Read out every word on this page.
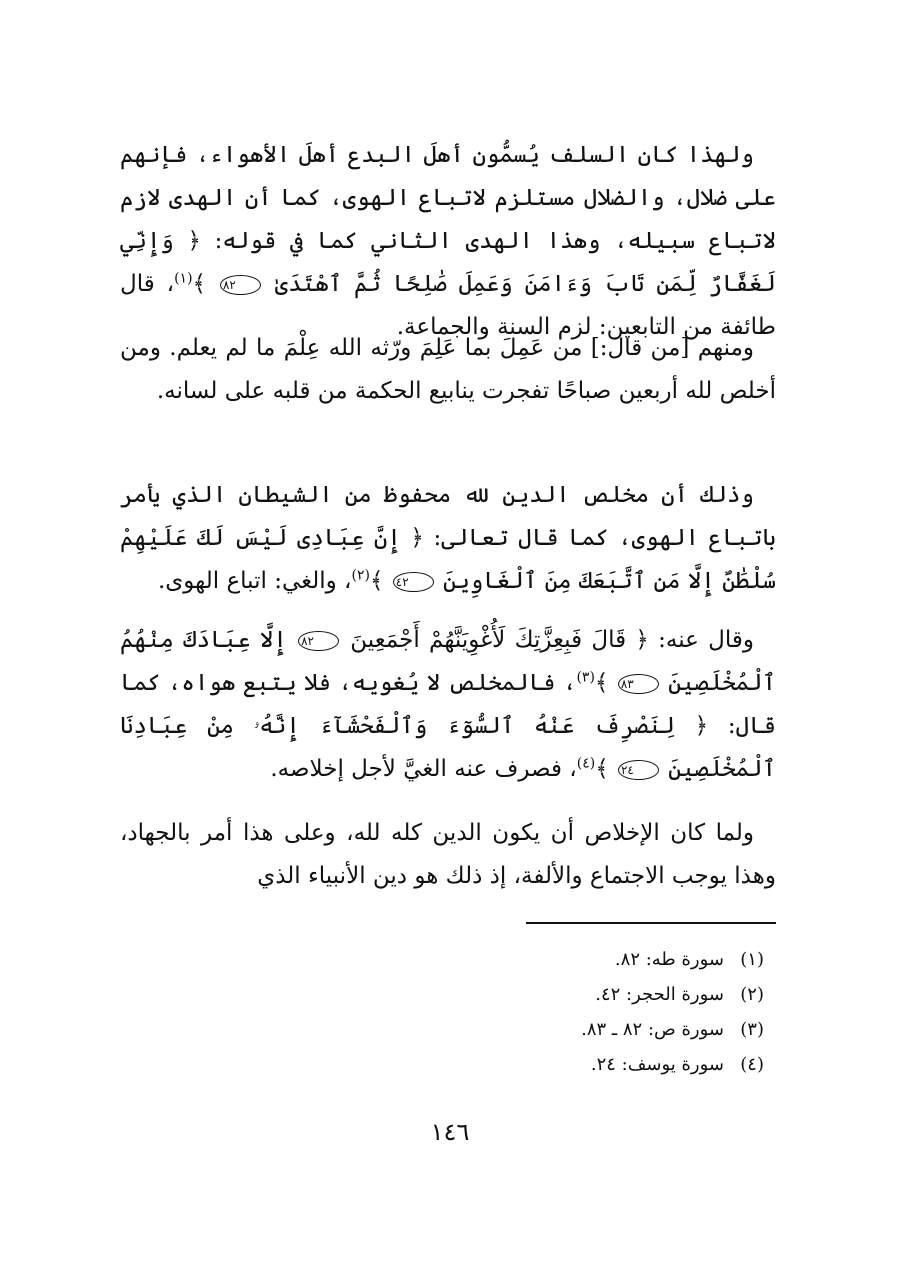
ولهذا كان السلف يُسمُّون أهلَ البدع أهلَ الأهواء، فإنهم على ضلال، والضلال مستلزم لاتباع الهوى، كما أن الهدى لازم لاتباع سبيله، وهذا الهدى الثاني كما في قوله: ﴿ وَإِنِّي لَغَفَّارٌ لِّمَن تَابَ وَءَامَنَ وَعَمِلَ صَٰلِحًا ثُمَّ ٱهْتَدَىٰ ٨٢ ﴾$^{(١)}$، قال طائفة من التابعين: لزم السنة والجماعة.

ومنهم [من قال:] من عَمِلَ بما عَلِمَ ورّثه الله عِلْمَ ما لم يعلم. ومن أخلص لله أربعين صباحًا تفجرت ينابيع الحكمة من قلبه على لسانه.

وذلك أن مخلص الدين لله محفوظ من الشيطان الذي يأمر باتباع الهوى، كما قال تعالى: ﴿ إِنَّ عِبَادِى لَيْسَ لَكَ عَلَيْهِمْ سُلْطَٰنٌ إِلَّا مَنِ ٱتَّبَعَكَ مِنَ ٱلْغَاوِينَ ٤٢ ﴾$^{(٢)}$، والغي: اتباع الهوى.

وقال عنه: ﴿ قَالَ فَبِعِزَّتِكَ لَأُغْوِيَنَّهُمْ أَجْمَعِينَ ٨٢ إِلَّا عِبَادَكَ مِنْهُمُ ٱلْمُخْلَصِينَ ٨٣ ﴾$^{(٣)}$، فالمخلص لا يُغويه، فلا يتبع هواه، كما قال: ﴿ لِنَصْرِفَ عَنْهُ ٱلسُّوٓءَ وَٱلْفَحْشَآءَ إِنَّهُۥ مِنْ عِبَادِنَا ٱلْمُخْلَصِينَ ٢٤ ﴾$^{(٤)}$، فصرف عنه الغيَّ لأجل إخلاصه.

ولما كان الإخلاص أن يكون الدين كله لله، وعلى هذا أمر بالجهاد، وهذا يوجب الاجتماع والألفة، إذ ذلك هو دين الأنبياء الذي

(١)سورة طه: ٨٢.
(٢)سورة الحجر: ٤٢.
(٣)سورة ص: ٨٢ ـ ٨٣.
(٤)سورة يوسف: ٢٤.
١٤٦
